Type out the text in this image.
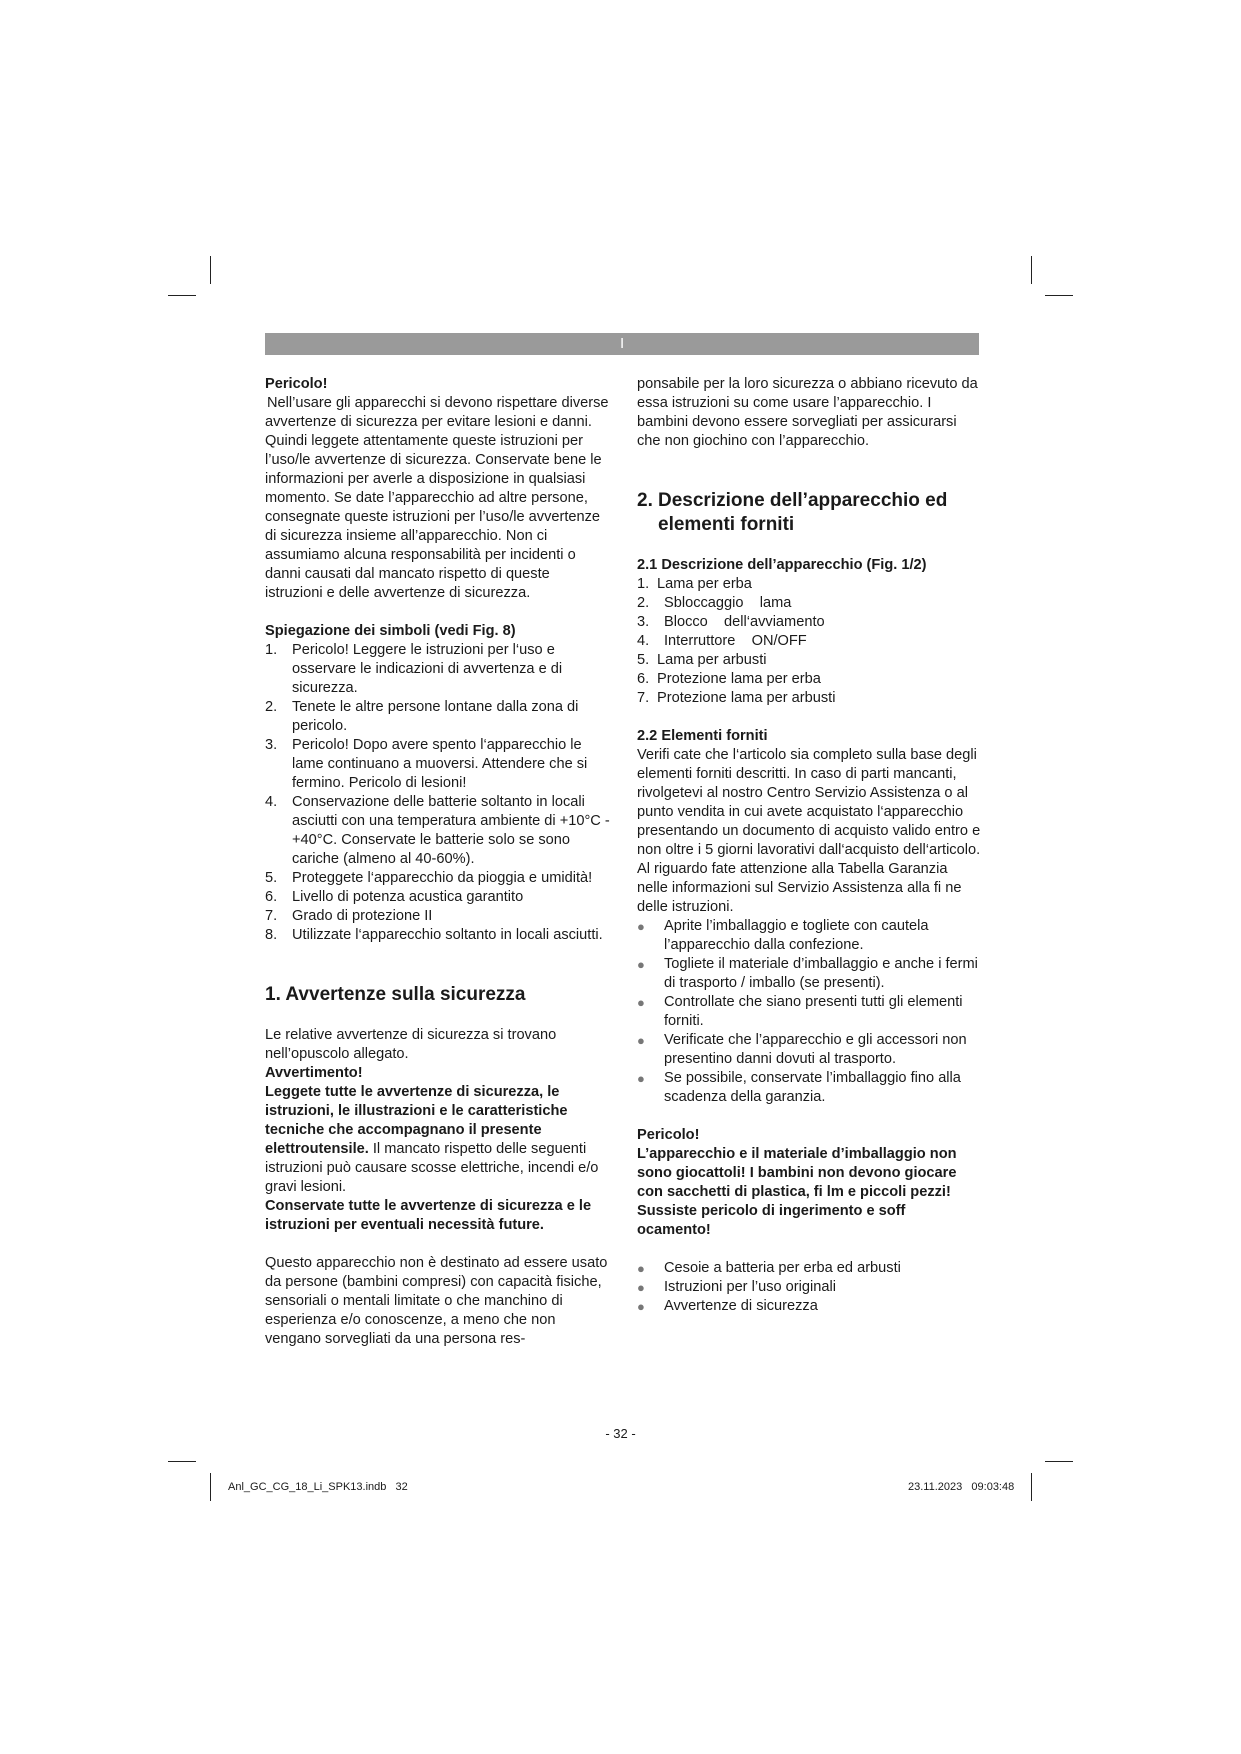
I

Pericolo!

Nell’usare gli apparecchi si devono rispettare diverse avvertenze di sicurezza per evitare lesioni e danni. Quindi leggete attentamente queste istruzioni per l’uso/le avvertenze di sicurezza. Conservate bene le informazioni per averle a disposizione in qualsiasi momento. Se date l’apparecchio ad altre persone, consegnate queste istruzioni per l’uso/le avvertenze di sicurezza insieme all’apparecchio. Non ci assumiamo alcuna responsabilità per incidenti o danni causati dal mancato rispetto di queste istruzioni e delle avvertenze di sicurezza.

Spiegazione dei simboli (vedi Fig. 8)

1. Pericolo! Leggere le istruzioni per l‘uso e osservare le indicazioni di avvertenza e di sicurezza.
2. Tenete le altre persone lontane dalla zona di pericolo.
3. Pericolo! Dopo avere spento l‘apparecchio le lame continuano a muoversi. Attendere che si fermino. Pericolo di lesioni!
4. Conservazione delle batterie soltanto in locali asciutti con una temperatura ambiente di +10°C - +40°C. Conservate le batterie solo se sono cariche (almeno al 40-60%).
5. Proteggete l‘apparecchio da pioggia e umidità!
6. Livello di potenza acustica garantito
7. Grado di protezione II
8. Utilizzate l‘apparecchio soltanto in locali asciutti.

1. Avvertenze sulla sicurezza

Le relative avvertenze di sicurezza si trovano nell’opuscolo allegato.

Avvertimento!

Leggete tutte le avvertenze di sicurezza, le istruzioni, le illustrazioni e le caratteristiche tecniche che accompagnano il presente elettroutensile. Il mancato rispetto delle seguenti istruzioni può causare scosse elettriche, incendi e/o gravi lesioni.

Conservate tutte le avvertenze di sicurezza e le istruzioni per eventuali necessità future.

Questo apparecchio non è destinato ad essere usato da persone (bambini compresi) con capacità fisiche, sensoriali o mentali limitate o che manchino di esperienza e/o conoscenze, a meno che non vengano sorvegliati da una persona res-

ponsabile per la loro sicurezza o abbiano ricevuto da essa istruzioni su come usare l’apparecchio. I bambini devono essere sorvegliati per assicurarsi che non giochino con l’apparecchio.

2. Descrizione dell’apparecchio ed elementi forniti

2.1 Descrizione dell’apparecchio (Fig. 1/2)

1. Lama per erba
2. Sbloccaggio    lama
3. Blocco    dell‘avviamento
4. Interruttore    ON/OFF
5. Lama per arbusti
6. Protezione lama per erba
7. Protezione lama per arbusti

2.2 Elementi forniti

Verifi cate che l‘articolo sia completo sulla base degli elementi forniti descritti. In caso di parti mancanti, rivolgetevi al nostro Centro Servizio Assistenza o al punto vendita in cui avete acquistato l‘apparecchio presentando un documento di acquisto valido entro e non oltre i 5 giorni lavorativi dall‘acquisto dell‘articolo. Al riguardo fate attenzione alla Tabella Garanzia nelle informazioni sul Servizio Assistenza alla fi ne delle istruzioni.

● Aprite l’imballaggio e togliete con cautela l’apparecchio dalla confezione.
● Togliete il materiale d’imballaggio e anche i fermi di trasporto / imballo (se presenti).
● Controllate che siano presenti tutti gli elementi forniti.
● Verificate che l’apparecchio e gli accessori non presentino danni dovuti al trasporto.
● Se possibile, conservate l’imballaggio fino alla scadenza della garanzia.

Pericolo!

L’apparecchio e il materiale d’imballaggio non sono giocattoli! I bambini non devono giocare con sacchetti di plastica, fi lm e piccoli pezzi! Sussiste pericolo di ingerimento e soff ocamento!

● Cesoie a batteria per erba ed arbusti
● Istruzioni per l’uso originali
● Avvertenze di sicurezza
- 32 -
Anl_GC_CG_18_Li_SPK13.indb   32	23.11.2023   09:03:48
